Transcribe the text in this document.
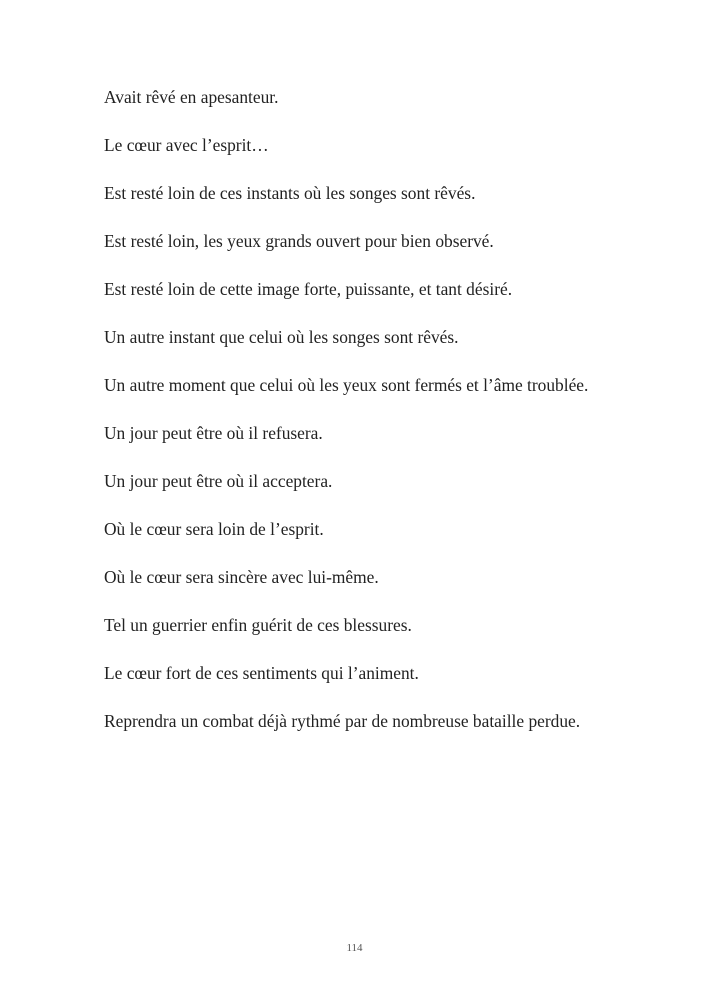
Avait rêvé en apesanteur.

Le cœur avec l’esprit…

Est resté loin de ces instants où les songes sont rêvés.

Est resté loin, les yeux grands ouvert pour bien observé.

Est resté loin de cette image forte, puissante, et tant désiré.

Un autre instant que celui où les songes sont rêvés.

Un autre moment que celui où les yeux sont fermés et l’âme troublée.

Un jour peut être où il refusera.

Un jour peut être où il acceptera.

Où le cœur sera loin de l’esprit.

Où le cœur sera sincère avec lui-même.

Tel un guerrier enfin guérit de ces blessures.

Le cœur fort de ces sentiments qui l’animent.

Reprendra un combat déjà rythmé par de nombreuse bataille perdue.

114
